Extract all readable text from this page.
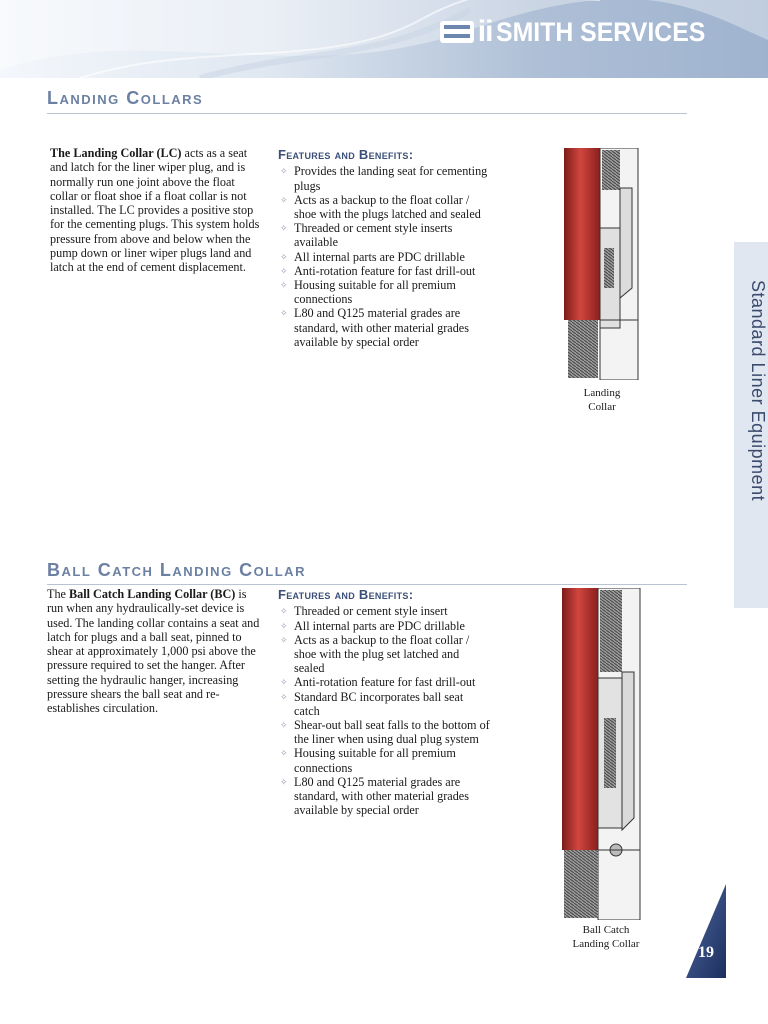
ii SMITH SERVICES
Landing Collars
The Landing Collar (LC) acts as a seat and latch for the liner wiper plug, and is normally run one joint above the float collar or float shoe if a float collar is not installed. The LC provides a positive stop for the cementing plugs. This system holds pressure from above and below when the pump down or liner wiper plugs land and latch at the end of cement displacement.
Features and Benefits:
✧ Provides the landing seat for cementing plugs
✧ Acts as a backup to the float collar / shoe with the plugs latched and sealed
✧ Threaded or cement style inserts available
✧ All internal parts are PDC drillable
✧ Anti-rotation feature for fast drill-out
✧ Housing suitable for all premium connections
✧ L80 and Q125 material grades are standard, with other material grades available by special order
Landing
Collar	Standard Liner Equipment
Ball Catch Landing Collar
The Ball Catch Landing Collar (BC) is run when any hydraulically-set device is used. The landing collar contains a seat and latch for plugs and a ball seat, pinned to shear at approximately 1,000 psi above the pressure required to set the hanger. After setting the hydraulic hanger, increasing pressure shears the ball seat and re-establishes circulation.
Features and Benefits:
✧ Threaded or cement style insert
✧ All internal parts are PDC drillable
✧ Acts as a backup to the float collar / shoe with the plug set latched and sealed
✧ Anti-rotation feature for fast drill-out
✧ Standard BC incorporates ball seat catch
✧ Shear-out ball seat falls to the bottom of the liner when using dual plug system
✧ Housing suitable for all premium connections
✧ L80 and Q125 material grades are standard, with other material grades available by special order
Ball Catch
Landing Collar	19
